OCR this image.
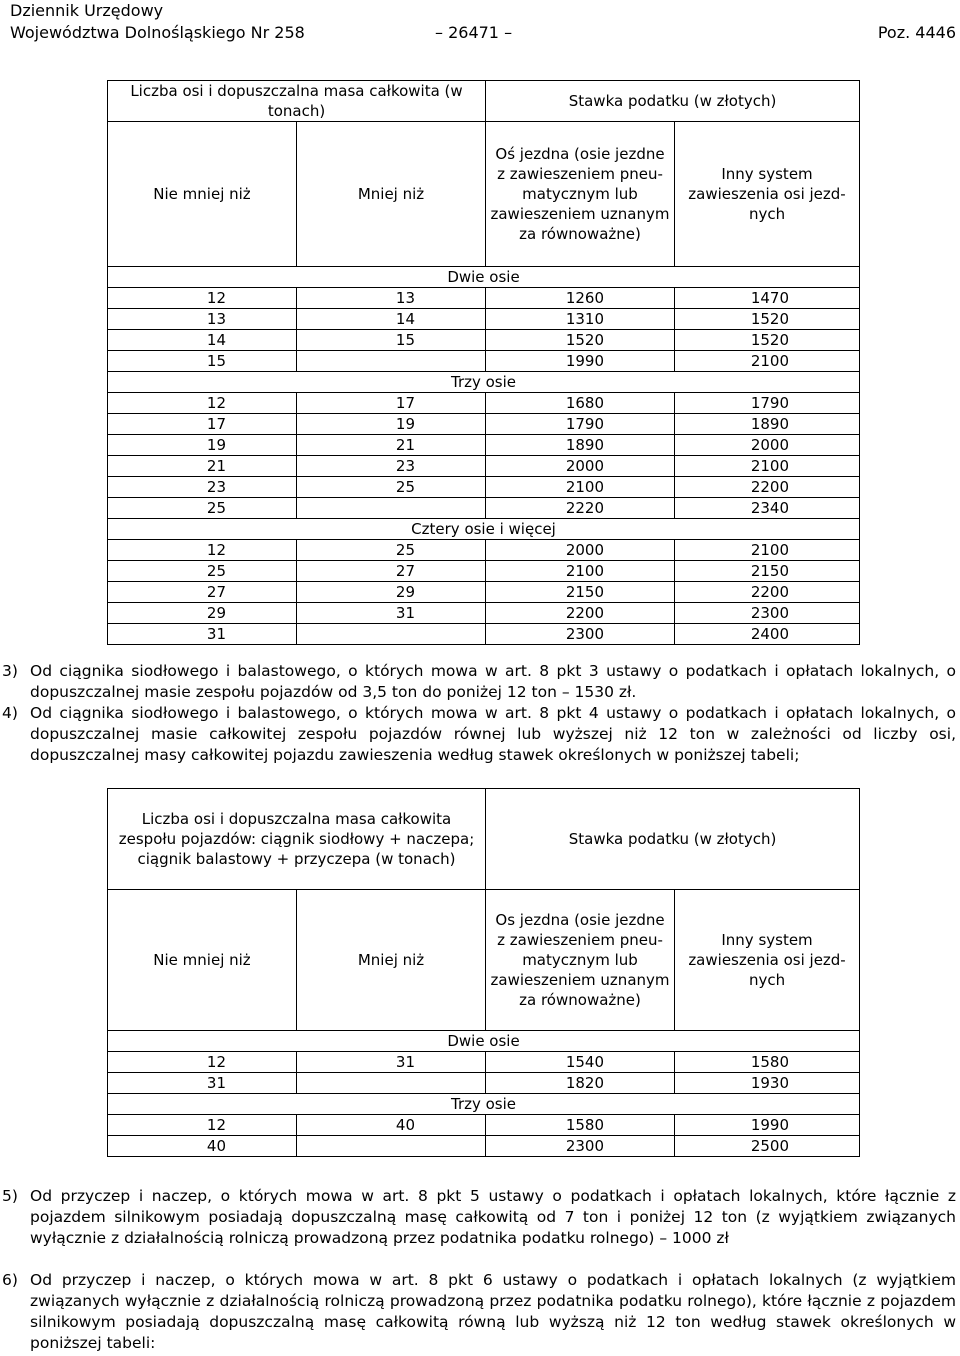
Dziennik Urzędowy
Województwa Dolnośląskiego Nr 258	– 26471 –	Poz. 4446
Liczba osi i dopuszczalna masa całkowita (w tonach)		Stawka podatku (w złotych)	
Nie mniej niż	Mniej niż	Oś jezdna (osie jezdne z zawieszeniem pneu-matycznym lub zawieszeniem uznanym za równoważne)	Inny system zawieszenia osi jezd-nych
Dwie osie			
12	13	1260	1470
13	14	1310	1520
14	15	1520	1520
15		1990	2100
Trzy osie			
12	17	1680	1790
17	19	1790	1890
19	21	1890	2000
21	23	2000	2100
23	25	2100	2200
25		2220	2340
Cztery osie i więcej			
12	25	2000	2100
25	27	2100	2150
27	29	2150	2200
29	31	2200	2300
31		2300	2400
3) Od ciągnika siodłowego i balastowego, o których mowa w art. 8 pkt 3 ustawy o podatkach i opłatach lokalnych, o dopuszczalnej masie zespołu pojazdów od 3,5 ton do poniżej 12 ton – 1530 zł.
4) Od ciągnika siodłowego i balastowego, o których mowa w art. 8 pkt 4 ustawy o podatkach i opłatach lokalnych, o dopuszczalnej masie całkowitej zespołu pojazdów równej lub wyższej niż 12 ton w zależności od liczby osi, dopuszczalnej masy całkowitej pojazdu zawieszenia według stawek określonych w poniższej tabeli;
Liczba osi i dopuszczalna masa całkowita zespołu pojazdów: ciągnik siodłowy + naczepa; ciągnik balastowy + przyczepa (w tonach)		Stawka podatku (w złotych)	
Nie mniej niż	Mniej niż	Os jezdna (osie jezdne z zawieszeniem pneu-matycznym lub zawieszeniem uznanym za równoważne)	Inny system zawieszenia osi jezd-nych
Dwie osie			
12	31	1540	1580
31		1820	1930
Trzy osie			
12	40	1580	1990
40		2300	2500
5) Od przyczep i naczep, o których mowa w art. 8 pkt 5 ustawy o podatkach i opłatach lokalnych, które łącznie z pojazdem silnikowym posiadają dopuszczalną masę całkowitą od 7 ton i poniżej 12 ton (z wyjątkiem związanych wyłącznie z działalnością rolniczą prowadzoną przez podatnika podatku rolnego) – 1000 zł
6) Od przyczep i naczep, o których mowa w art. 8 pkt 6 ustawy o podatkach i opłatach lokalnych (z wyjątkiem związanych wyłącznie z działalnością rolniczą prowadzoną przez podatnika podatku rolnego), które łącznie z pojazdem silnikowym posiadają dopuszczalną masę całkowitą równą lub wyższą niż 12 ton według stawek określonych w poniższej tabeli:
